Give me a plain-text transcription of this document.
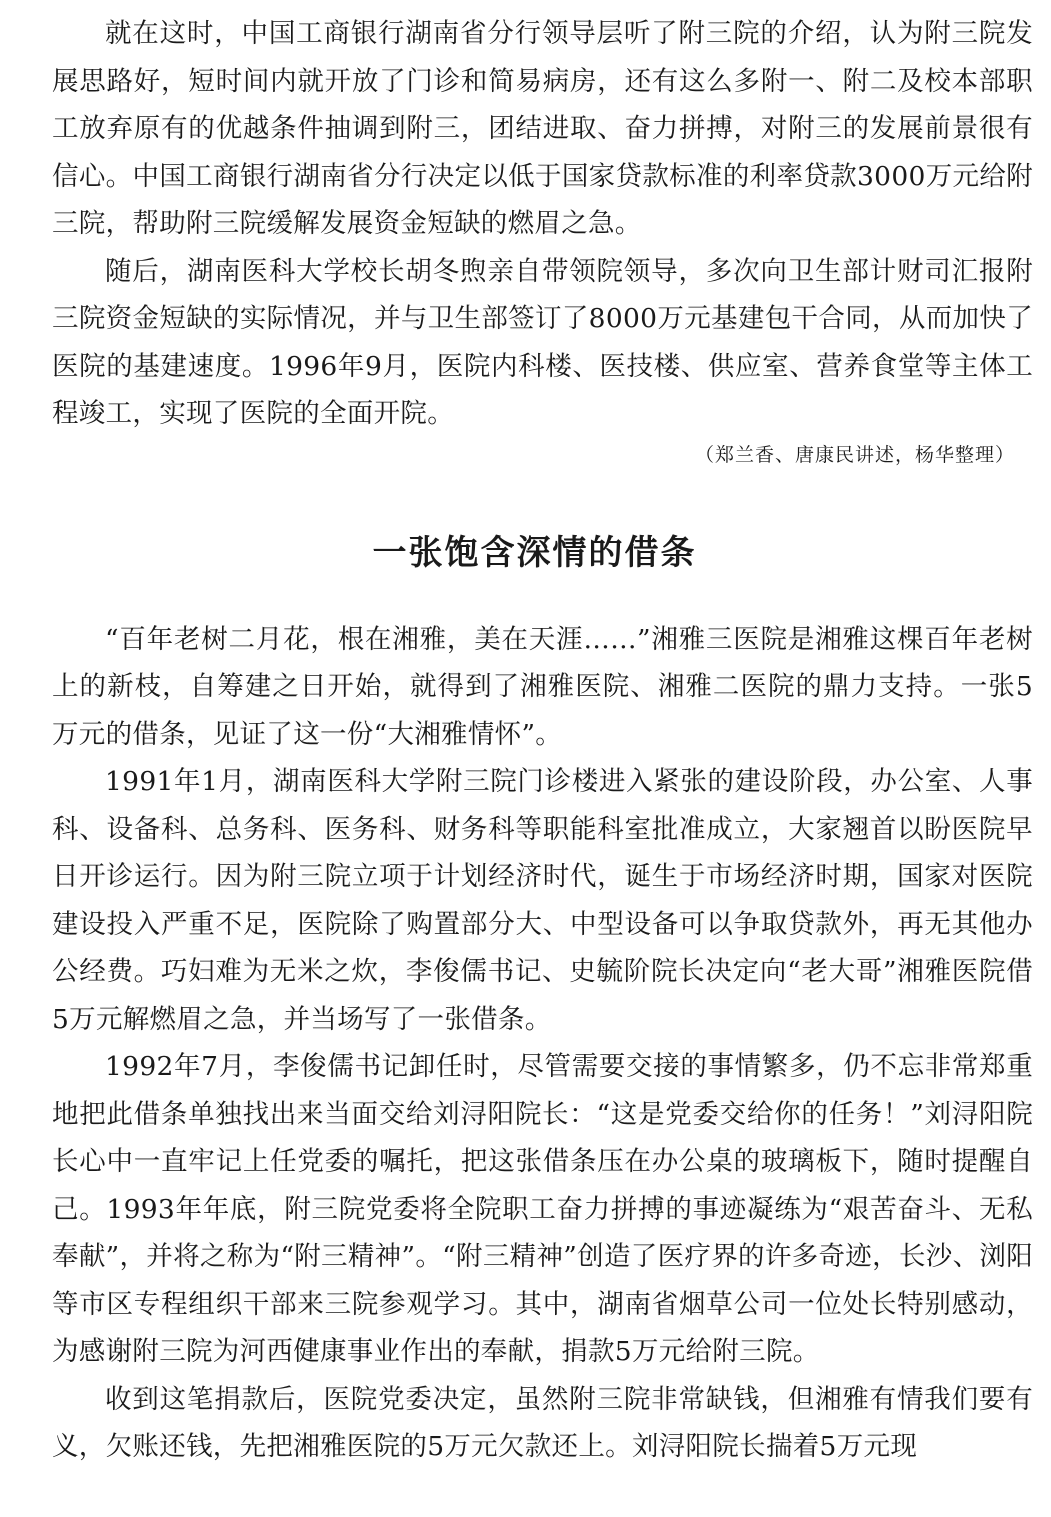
就在这时，中国工商银行湖南省分行领导层听了附三院的介绍，认为附三院发展思路好，短时间内就开放了门诊和简易病房，还有这么多附一、附二及校本部职工放弃原有的优越条件抽调到附三，团结进取、奋力拼搏，对附三的发展前景很有信心。中国工商银行湖南省分行决定以低于国家贷款标准的利率贷款3000万元给附三院，帮助附三院缓解发展资金短缺的燃眉之急。

随后，湖南医科大学校长胡冬煦亲自带领院领导，多次向卫生部计财司汇报附三院资金短缺的实际情况，并与卫生部签订了8000万元基建包干合同，从而加快了医院的基建速度。1996年9月，医院内科楼、医技楼、供应室、营养食堂等主体工程竣工，实现了医院的全面开院。

（郑兰香、唐康民讲述，杨华整理）

一张饱含深情的借条

“百年老树二月花，根在湘雅，美在天涯……”湘雅三医院是湘雅这棵百年老树上的新枝，自筹建之日开始，就得到了湘雅医院、湘雅二医院的鼎力支持。一张5万元的借条，见证了这一份“大湘雅情怀”。

1991年1月，湖南医科大学附三院门诊楼进入紧张的建设阶段，办公室、人事科、设备科、总务科、医务科、财务科等职能科室批准成立，大家翘首以盼医院早日开诊运行。因为附三院立项于计划经济时代，诞生于市场经济时期，国家对医院建设投入严重不足，医院除了购置部分大、中型设备可以争取贷款外，再无其他办公经费。巧妇难为无米之炊，李俊儒书记、史毓阶院长决定向“老大哥”湘雅医院借5万元解燃眉之急，并当场写了一张借条。

1992年7月，李俊儒书记卸任时，尽管需要交接的事情繁多，仍不忘非常郑重地把此借条单独找出来当面交给刘浔阳院长：“这是党委交给你的任务！”刘浔阳院长心中一直牢记上任党委的嘱托，把这张借条压在办公桌的玻璃板下，随时提醒自己。1993年年底，附三院党委将全院职工奋力拼搏的事迹凝练为“艰苦奋斗、无私奉献”，并将之称为“附三精神”。“附三精神”创造了医疗界的许多奇迹，长沙、浏阳等市区专程组织干部来三院参观学习。其中，湖南省烟草公司一位处长特别感动，为感谢附三院为河西健康事业作出的奉献，捐款5万元给附三院。

收到这笔捐款后，医院党委决定，虽然附三院非常缺钱，但湘雅有情我们要有义，欠账还钱，先把湘雅医院的5万元欠款还上。刘浔阳院长揣着5万元现
